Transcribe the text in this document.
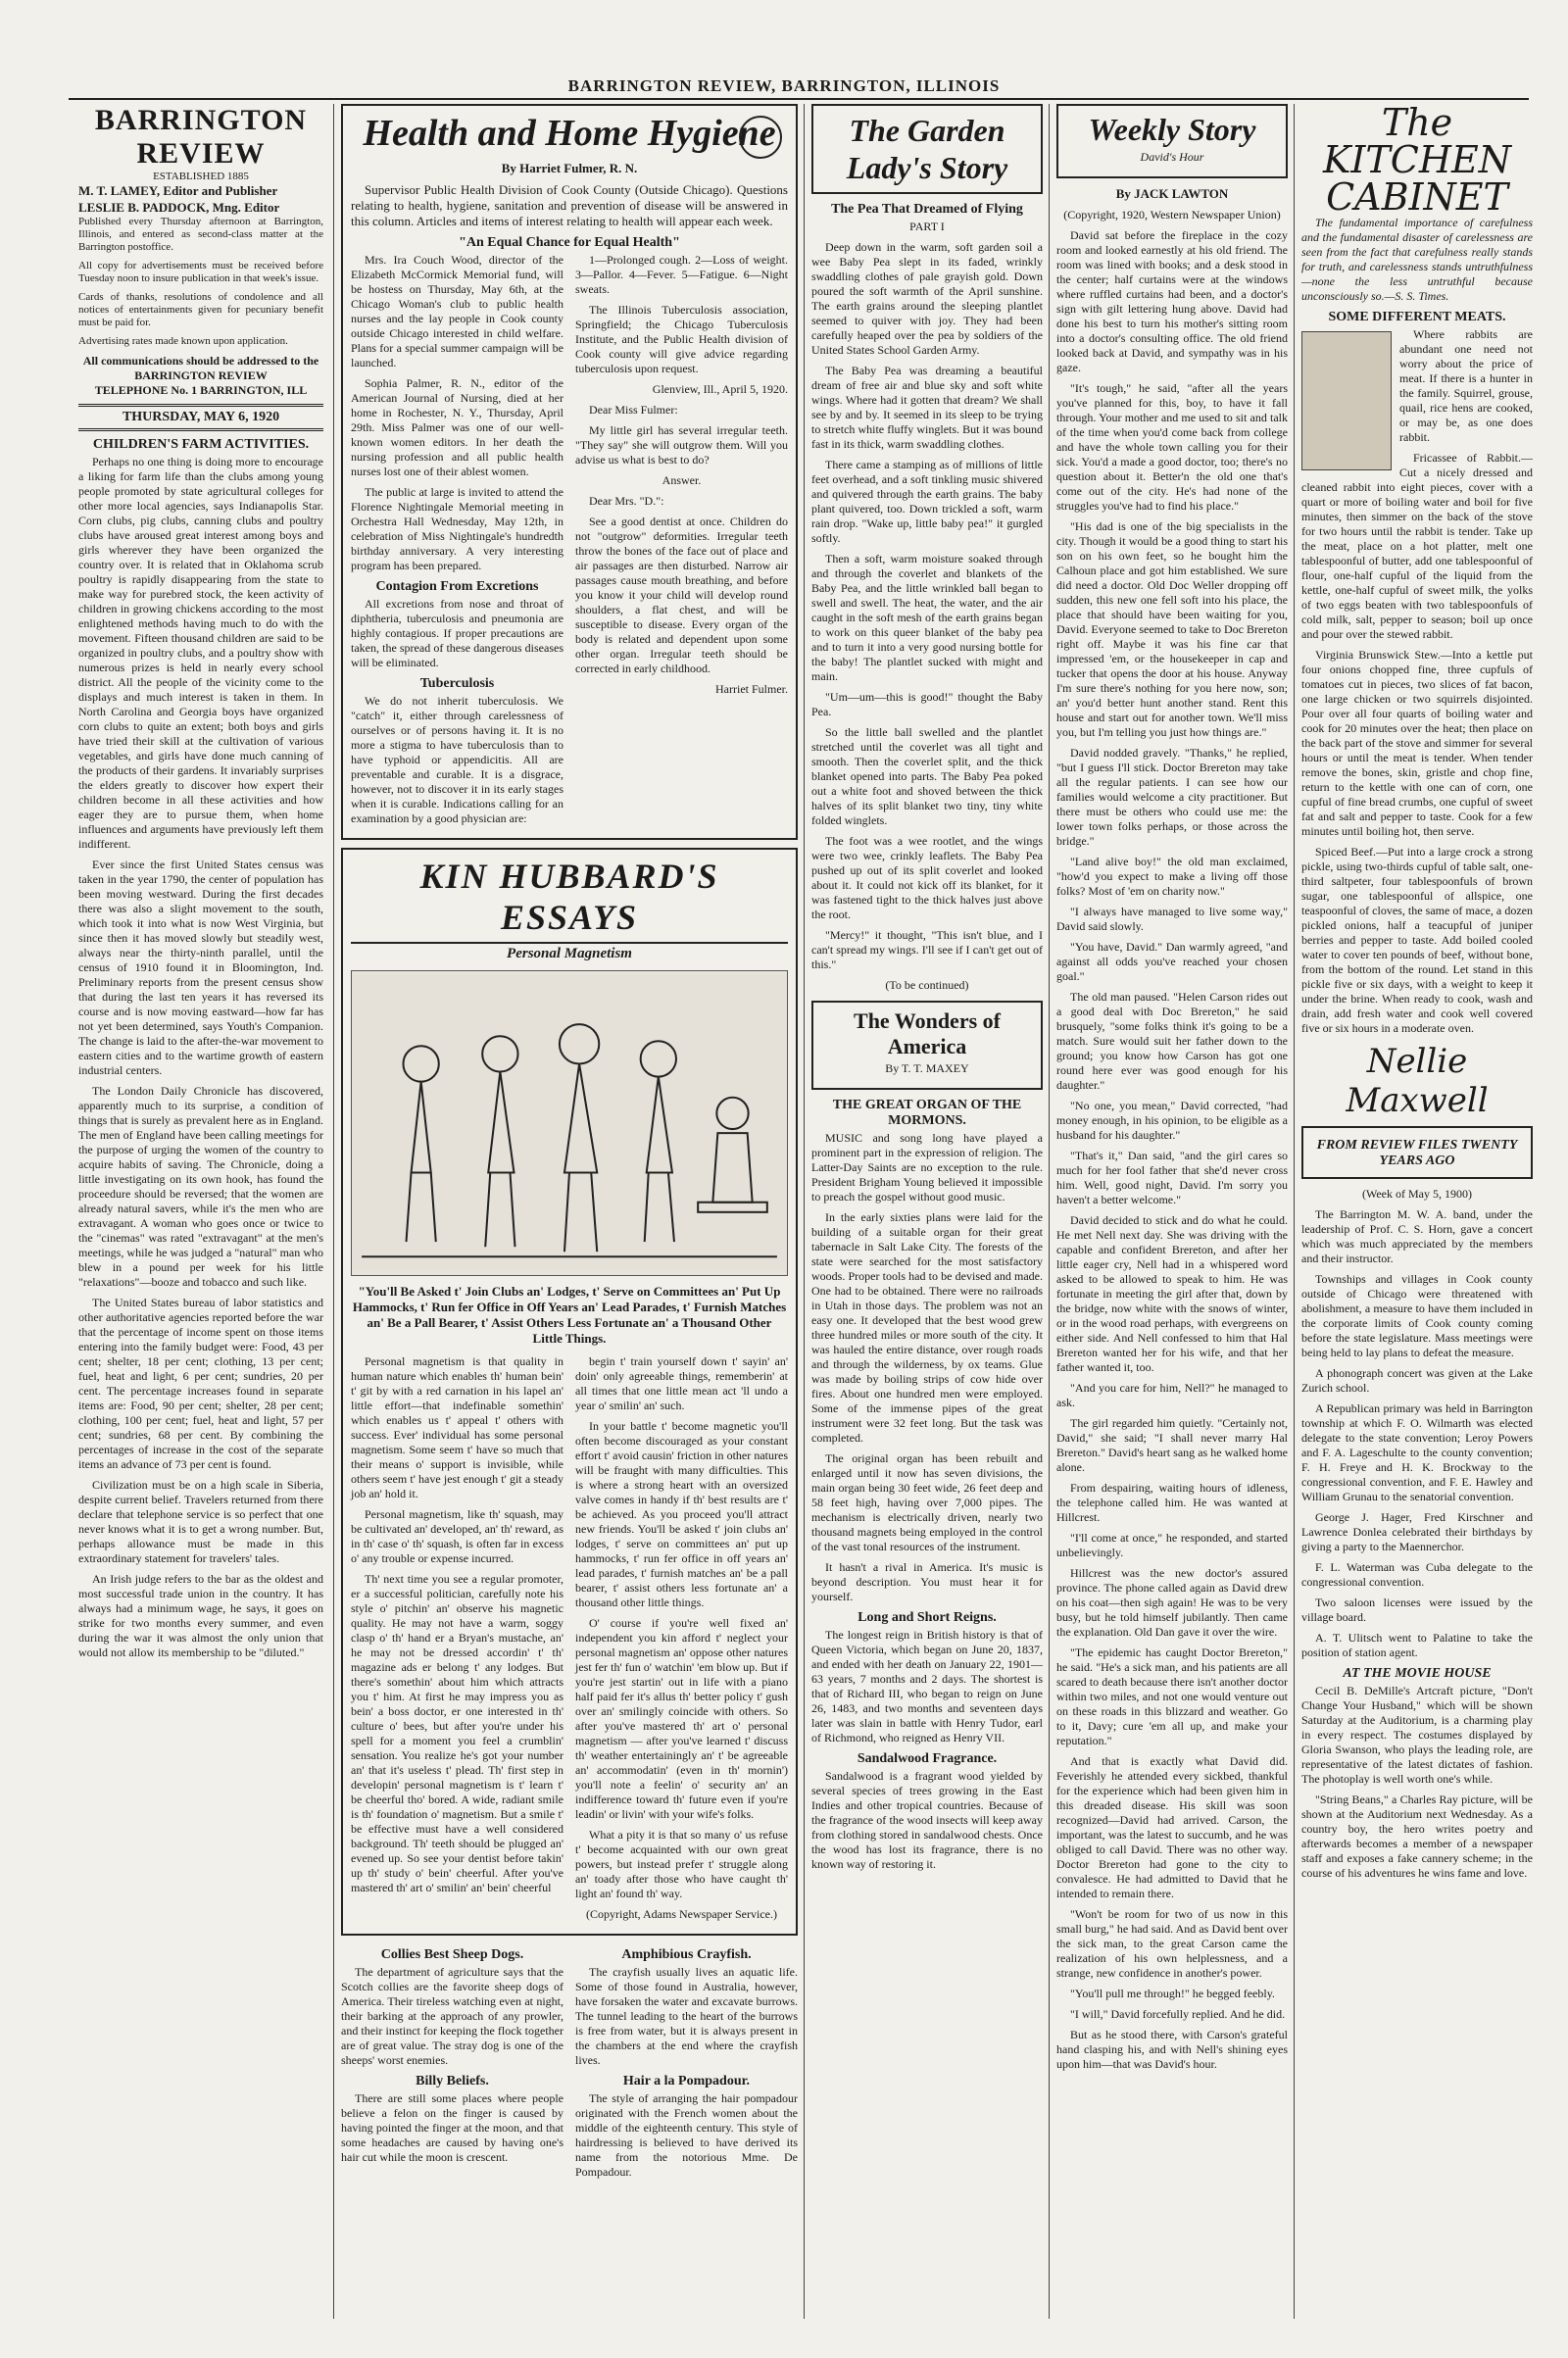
BARRINGTON REVIEW, BARRINGTON, ILLINOIS
BARRINGTON REVIEW
ESTABLISHED 1885
M. T. LAMEY, Editor and Publisher
LESLIE B. PADDOCK, Mng. Editor

Published every Thursday afternoon at Barrington, Illinois, and entered as second-class matter at the Barrington postoffice.

All copy for advertisements must be received before Tuesday noon to insure publication in that week's issue.

Cards of thanks, resolutions of condolence and all notices of entertainments given for pecuniary benefit must be paid for.

Advertising rates made known upon application.

All communications should be addressed to the BARRINGTON REVIEW
TELEPHONE No. 1 BARRINGTON, ILL
THURSDAY, MAY 6, 1920
CHILDREN'S FARM ACTIVITIES.

Perhaps no one thing is doing more to encourage a liking for farm life than the clubs among young people promoted by state agricultural colleges for other more local agencies, says Indianapolis Star. Corn clubs, pig clubs, canning clubs and poultry clubs have aroused great interest among boys and girls wherever they have been organized the country over. It is related that in Oklahoma scrub poultry is rapidly disappearing from the state to make way for purebred stock, the keen activity of children in growing chickens according to the most enlightened methods having much to do with the movement. Fifteen thousand children are said to be organized in poultry clubs, and a poultry show with numerous prizes is held in nearly every school district. All the people of the vicinity come to the displays and much interest is taken in them. In North Carolina and Georgia boys have organized corn clubs to quite an extent; both boys and girls have tried their skill at the cultivation of various vegetables, and girls have done much canning of the products of their gardens. It invariably surprises the elders greatly to discover how expert their children become in all these activities and how eager they are to pursue them, when home influences and arguments have previously left them indifferent.

Ever since the first United States census was taken in the year 1790, the center of population has been moving westward. During the first decades there was also a slight movement to the south, which took it into what is now West Virginia, but since then it has moved slowly but steadily west, always near the thirty-ninth parallel, until the census of 1910 found it in Bloomington, Ind. Preliminary reports from the present census show that during the last ten years it has reversed its course and is now moving eastward—how far has not yet been determined, says Youth's Companion. The change is laid to the after-the-war movement to eastern cities and to the wartime growth of eastern industrial centers.

The London Daily Chronicle has discovered, apparently much to its surprise, a condition of things that is surely as prevalent here as in England. The men of England have been calling meetings for the purpose of urging the women of the country to acquire habits of saving. The Chronicle, doing a little investigating on its own hook, has found the proceedure should be reversed; that the women are already natural savers, while it's the men who are extravagant. A woman who goes once or twice to the "cinemas" was rated "extravagant" at the men's meetings, while he was judged a "natural" man who blew in a pound per week for his little "relaxations"—booze and tobacco and such like.

The United States bureau of labor statistics and other authoritative agencies reported before the war that the percentage of income spent on those items entering into the family budget were: Food, 43 per cent; shelter, 18 per cent; clothing, 13 per cent; fuel, heat and light, 6 per cent; sundries, 20 per cent. The percentage increases found in separate items are: Food, 90 per cent; shelter, 28 per cent; clothing, 100 per cent; fuel, heat and light, 57 per cent; sundries, 68 per cent. By combining the percentages of increase in the cost of the separate items an advance of 73 per cent is found.

Civilization must be on a high scale in Siberia, despite current belief. Travelers returned from there declare that telephone service is so perfect that one never knows what it is to get a wrong number. But, perhaps allowance must be made in this extraordinary statement for travelers' tales.

An Irish judge refers to the bar as the oldest and most successful trade union in the country. It has always had a minimum wage, he says, it goes on strike for two months every summer, and even during the war it was almost the only union that would not allow its membership to be "diluted."

Health and Home Hygiene
By Harriet Fulmer, R. N.

Supervisor Public Health Division of Cook County (Outside Chicago). Questions relating to health, hygiene, sanitation and prevention of disease will be answered in this column. Articles and items of interest relating to health will appear each week.

"An Equal Chance for Equal Health"

Mrs. Ira Couch Wood, director of the Elizabeth McCormick Memorial fund, will be hostess on Thursday, May 6th, at the Chicago Woman's club to public health nurses and the lay people in Cook county outside Chicago interested in child welfare. Plans for a special summer campaign will be launched.

Sophia Palmer, R. N., editor of the American Journal of Nursing, died at her home in Rochester, N. Y., Thursday, April 29th. Miss Palmer was one of our well-known women editors. In her death the nursing profession and all public health nurses lost one of their ablest women.

The public at large is invited to attend the Florence Nightingale Memorial meeting in Orchestra Hall Wednesday, May 12th, in celebration of Miss Nightingale's hundredth birthday anniversary. A very interesting program has been prepared.

Contagion From Excretions

All excretions from nose and throat of diphtheria, tuberculosis and pneumonia are highly contagious. If proper precautions are taken, the spread of these dangerous diseases will be eliminated.

Tuberculosis

We do not inherit tuberculosis. We "catch" it, either through carelessness of ourselves or of persons having it. It is no more a stigma to have tuberculosis than to have typhoid or appendicitis. All are preventable and curable. It is a disgrace, however, not to discover it in its early stages when it is curable. Indications calling for an examination by a good physician are:

1—Prolonged cough. 2—Loss of weight. 3—Pallor. 4—Fever. 5—Fatigue. 6—Night sweats.

The Illinois Tuberculosis association, Springfield; the Chicago Tuberculosis Institute, and the Public Health division of Cook county will give advice regarding tuberculosis upon request.

Glenview, Ill., April 5, 1920.

Dear Miss Fulmer:

My little girl has several irregular teeth. "They say" she will outgrow them. Will you advise us what is best to do?

Answer.

Dear Mrs. "D.":

See a good dentist at once. Children do not "outgrow" deformities. Irregular teeth throw the bones of the face out of place and air passages are then disturbed. Narrow air passages cause mouth breathing, and before you know it your child will develop round shoulders, a flat chest, and will be susceptible to disease. Every organ of the body is related and dependent upon some other organ. Irregular teeth should be corrected in early childhood.

Harriet Fulmer.

KIN HUBBARD'S ESSAYS
Personal Magnetism
"You'll Be Asked t' Join Clubs an' Lodges, t' Serve on Committees an' Put Up Hammocks, t' Run fer Office in Off Years an' Lead Parades, t' Furnish Matches an' Be a Pall Bearer, t' Assist Others Less Fortunate an' a Thousand Other Little Things.

Personal magnetism is that quality in human nature which enables th' human bein' t' git by with a red carnation in his lapel an' little effort—that indefinable somethin' which enables us t' appeal t' others with success. Ever' individual has some personal magnetism. Some seem t' have so much that their means o' support is invisible, while others seem t' have jest enough t' git a steady job an' hold it.

Personal magnetism, like th' squash, may be cultivated an' developed, an' th' reward, as in th' case o' th' squash, is often far in excess o' any trouble or expense incurred.

Th' next time you see a regular promoter, er a successful politician, carefully note his style o' pitchin' an' observe his magnetic quality. He may not have a warm, soggy clasp o' th' hand er a Bryan's mustache, an' he may not be dressed accordin' t' th' magazine ads er belong t' any lodges. But there's somethin' about him which attracts you t' him. At first he may impress you as bein' a boss doctor, er one interested in th' culture o' bees, but after you're under his spell for a moment you feel a crumblin' sensation. You realize he's got your number an' that it's useless t' plead. Th' first step in developin' personal magnetism is t' learn t' be cheerful tho' bored. A wide, radiant smile is th' foundation o' magnetism. But a smile t' be effective must have a well considered background. Th' teeth should be plugged an' evened up. So see your dentist before takin' up th' study o' bein' cheerful. After you've mastered th' art o' smilin' an' bein' cheerful

begin t' train yourself down t' sayin' an' doin' only agreeable things, rememberin' at all times that one little mean act 'll undo a year o' smilin' an' such.

In your battle t' become magnetic you'll often become discouraged as your constant effort t' avoid causin' friction in other natures will be fraught with many difficulties. This is where a strong heart with an oversized valve comes in handy if th' best results are t' be achieved. As you proceed you'll attract new friends. You'll be asked t' join clubs an' lodges, t' serve on committees an' put up hammocks, t' run fer office in off years an' lead parades, t' furnish matches an' be a pall bearer, t' assist others less fortunate an' a thousand other little things.

O' course if you're well fixed an' independent you kin afford t' neglect your personal magnetism an' oppose other natures jest fer th' fun o' watchin' 'em blow up. But if you're jest startin' out in life with a piano half paid fer it's allus th' better policy t' gush over an' smilingly coincide with others. So after you've mastered th' art o' personal magnetism — after you've learned t' discuss th' weather entertainingly an' t' be agreeable an' accommodatin' (even in th' mornin') you'll note a feelin' o' security an' an indifference toward th' future even if you're leadin' or livin' with your wife's folks.

What a pity it is that so many o' us refuse t' become acquainted with our own great powers, but instead prefer t' struggle along an' toady after those who have caught th' light an' found th' way.

(Copyright, Adams Newspaper Service.)

Collies Best Sheep Dogs.

The department of agriculture says that the Scotch collies are the favorite sheep dogs of America. Their tireless watching even at night, their barking at the approach of any prowler, and their instinct for keeping the flock together are of great value. The stray dog is one of the sheeps' worst enemies.

Billy Beliefs.

There are still some places where people believe a felon on the finger is caused by having pointed the finger at the moon, and that some headaches are caused by having one's hair cut while the moon is crescent.

Amphibious Crayfish.

The crayfish usually lives an aquatic life. Some of those found in Australia, however, have forsaken the water and excavate burrows. The tunnel leading to the heart of the burrows is free from water, but it is always present in the chambers at the end where the crayfish lives.

Hair a la Pompadour.

The style of arranging the hair pompadour originated with the French women about the middle of the eighteenth century. This style of hairdressing is believed to have derived its name from the notorious Mme. De Pompadour.

The Garden Lady's Story
The Pea That Dreamed of Flying
PART I

Deep down in the warm, soft garden soil a wee Baby Pea slept in its faded, wrinkly swaddling clothes of pale grayish gold. Down poured the soft warmth of the April sunshine. The earth grains around the sleeping plantlet seemed to quiver with joy. They had been carefully heaped over the pea by soldiers of the United States School Garden Army.

The Baby Pea was dreaming a beautiful dream of free air and blue sky and soft white wings. Where had it gotten that dream? We shall see by and by. It seemed in its sleep to be trying to stretch white fluffy winglets. But it was bound fast in its thick, warm swaddling clothes.

There came a stamping as of millions of little feet overhead, and a soft tinkling music shivered and quivered through the earth grains. The baby plant quivered, too. Down trickled a soft, warm rain drop. "Wake up, little baby pea!" it gurgled softly.

Then a soft, warm moisture soaked through and through the coverlet and blankets of the Baby Pea, and the little wrinkled ball began to swell and swell. The heat, the water, and the air caught in the soft mesh of the earth grains began to work on this queer blanket of the baby pea and to turn it into a very good nursing bottle for the baby! The plantlet sucked with might and main.

"Um—um—this is good!" thought the Baby Pea.

So the little ball swelled and the plantlet stretched until the coverlet was all tight and smooth. Then the coverlet split, and the thick blanket opened into parts. The Baby Pea poked out a white foot and shoved between the thick halves of its split blanket two tiny, tiny white folded winglets.

The foot was a wee rootlet, and the wings were two wee, crinkly leaflets. The Baby Pea pushed up out of its split coverlet and looked about it. It could not kick off its blanket, for it was fastened tight to the thick halves just above the root.

"Mercy!" it thought, "This isn't blue, and I can't spread my wings. I'll see if I can't get out of this."

(To be continued)

The Wonders of America
By T. T. MAXEY
THE GREAT ORGAN OF THE MORMONS.

MUSIC and song long have played a prominent part in the expression of religion. The Latter-Day Saints are no exception to the rule. President Brigham Young believed it impossible to preach the gospel without good music.

In the early sixties plans were laid for the building of a suitable organ for their great tabernacle in Salt Lake City. The forests of the state were searched for the most satisfactory woods. Proper tools had to be devised and made. One had to be obtained. There were no railroads in Utah in those days. The problem was not an easy one. It developed that the best wood grew three hundred miles or more south of the city. It was hauled the entire distance, over rough roads and through the wilderness, by ox teams. Glue was made by boiling strips of cow hide over fires. About one hundred men were employed. Some of the immense pipes of the great instrument were 32 feet long. But the task was completed.

The original organ has been rebuilt and enlarged until it now has seven divisions, the main organ being 30 feet wide, 26 feet deep and 58 feet high, having over 7,000 pipes. The mechanism is electrically driven, nearly two thousand magnets being employed in the control of the vast tonal resources of the instrument.

It hasn't a rival in America. It's music is beyond description. You must hear it for yourself.

Long and Short Reigns.

The longest reign in British history is that of Queen Victoria, which began on June 20, 1837, and ended with her death on January 22, 1901—63 years, 7 months and 2 days. The shortest is that of Richard III, who began to reign on June 26, 1483, and two months and seventeen days later was slain in battle with Henry Tudor, earl of Richmond, who reigned as Henry VII.

Sandalwood Fragrance.

Sandalwood is a fragrant wood yielded by several species of trees growing in the East Indies and other tropical countries. Because of the fragrance of the wood insects will keep away from clothing stored in sandalwood chests. Once the wood has lost its fragrance, there is no known way of restoring it.

Weekly Story
David's Hour
By JACK LAWTON

(Copyright, 1920, Western Newspaper Union)

David sat before the fireplace in the cozy room and looked earnestly at his old friend. The room was lined with books; and a desk stood in the center; half curtains were at the windows where ruffled curtains had been, and a doctor's sign with gilt lettering hung above. David had done his best to turn his mother's sitting room into a doctor's consulting office. The old friend looked back at David, and sympathy was in his gaze.

"It's tough," he said, "after all the years you've planned for this, boy, to have it fall through. Your mother and me used to sit and talk of the time when you'd come back from college and have the whole town calling you for their sick. You'd a made a good doctor, too; there's no question about it. Better'n the old one that's come out of the city. He's had none of the struggles you've had to find his place."

"His dad is one of the big specialists in the city. Though it would be a good thing to start his son on his own feet, so he bought him the Calhoun place and got him established. We sure did need a doctor. Old Doc Weller dropping off sudden, this new one fell soft into his place, the place that should have been waiting for you, David. Everyone seemed to take to Doc Brereton right off. Maybe it was his fine car that impressed 'em, or the housekeeper in cap and tucker that opens the door at his house. Anyway I'm sure there's nothing for you here now, son; an' you'd better hunt another stand. Rent this house and start out for another town. We'll miss you, but I'm telling you just how things are."

David nodded gravely. "Thanks," he replied, "but I guess I'll stick. Doctor Brereton may take all the regular patients. I can see how our families would welcome a city practitioner. But there must be others who could use me: the lower town folks perhaps, or those across the bridge."

"Land alive boy!" the old man exclaimed, "how'd you expect to make a living off those folks? Most of 'em on charity now."

"I always have managed to live some way," David said slowly.

"You have, David." Dan warmly agreed, "and against all odds you've reached your chosen goal."

The old man paused. "Helen Carson rides out a good deal with Doc Brereton," he said brusquely, "some folks think it's going to be a match. Sure would suit her father down to the ground; you know how Carson has got one round here ever was good enough for his daughter."

"No one, you mean," David corrected, "had money enough, in his opinion, to be eligible as a husband for his daughter."

"That's it," Dan said, "and the girl cares so much for her fool father that she'd never cross him. Well, good night, David. I'm sorry you haven't a better welcome."

David decided to stick and do what he could. He met Nell next day. She was driving with the capable and confident Brereton, and after her little eager cry, Nell had in a whispered word asked to be allowed to speak to him. He was fortunate in meeting the girl after that, down by the bridge, now white with the snows of winter, or in the wood road perhaps, with evergreens on either side. And Nell confessed to him that Hal Brereton wanted her for his wife, and that her father wanted it, too.

"And you care for him, Nell?" he managed to ask.

The girl regarded him quietly. "Certainly not, David," she said; "I shall never marry Hal Brereton." David's heart sang as he walked home alone.

From despairing, waiting hours of idleness, the telephone called him. He was wanted at Hillcrest.

"I'll come at once," he responded, and started unbelievingly.

Hillcrest was the new doctor's assured province. The phone called again as David drew on his coat—then sigh again! He was to be very busy, but he told himself jubilantly. Then came the explanation. Old Dan gave it over the wire.

"The epidemic has caught Doctor Brereton," he said. "He's a sick man, and his patients are all scared to death because there isn't another doctor within two miles, and not one would venture out on these roads in this blizzard and weather. Go to it, Davy; cure 'em all up, and make your reputation."

And that is exactly what David did. Feverishly he attended every sickbed, thankful for the experience which had been given him in this dreaded disease. His skill was soon recognized—David had arrived. Carson, the important, was the latest to succumb, and he was obliged to call David. There was no other way. Doctor Brereton had gone to the city to convalesce. He had admitted to David that he intended to remain there.

"Won't be room for two of us now in this small burg," he had said. And as David bent over the sick man, to the great Carson came the realization of his own helplessness, and a strange, new confidence in another's power.

"You'll pull me through!" he begged feebly.

"I will," David forcefully replied. And he did.

But as he stood there, with Carson's grateful hand clasping his, and with Nell's shining eyes upon him—that was David's hour.

The KITCHEN CABINET

The fundamental importance of carefulness and the fundamental disaster of carelessness are seen from the fact that carefulness really stands for truth, and carelessness stands untruthfulness—none the less untruthful because unconsciously so.—S. S. Times.

SOME DIFFERENT MEATS.

Where rabbits are abundant one need not worry about the price of meat. If there is a hunter in the family. Squirrel, grouse, quail, rice hens are cooked, or may be, as one does rabbit.

Fricassee of Rabbit.—Cut a nicely dressed and cleaned rabbit into eight pieces, cover with a quart or more of boiling water and boil for five minutes, then simmer on the back of the stove for two hours until the rabbit is tender. Take up the meat, place on a hot platter, melt one tablespoonful of butter, add one tablespoonful of flour, one-half cupful of the liquid from the kettle, one-half cupful of sweet milk, the yolks of two eggs beaten with two tablespoonfuls of cold milk, salt, pepper to season; boil up once and pour over the stewed rabbit.

Virginia Brunswick Stew.—Into a kettle put four onions chopped fine, three cupfuls of tomatoes cut in pieces, two slices of fat bacon, one large chicken or two squirrels disjointed. Pour over all four quarts of boiling water and cook for 20 minutes over the heat; then place on the back part of the stove and simmer for several hours or until the meat is tender. When tender remove the bones, skin, gristle and chop fine, return to the kettle with one can of corn, one cupful of fine bread crumbs, one cupful of sweet fat and salt and pepper to taste. Cook for a few minutes until boiling hot, then serve.

Spiced Beef.—Put into a large crock a strong pickle, using two-thirds cupful of table salt, one-third saltpeter, four tablespoonfuls of brown sugar, one tablespoonful of allspice, one teaspoonful of cloves, the same of mace, a dozen pickled onions, half a teacupful of juniper berries and pepper to taste. Add boiled cooled water to cover ten pounds of beef, without bone, from the bottom of the round. Let stand in this pickle five or six days, with a weight to keep it under the brine. When ready to cook, wash and drain, add fresh water and cook well covered five or six hours in a moderate oven.

Nellie Maxwell
FROM REVIEW FILES TWENTY YEARS AGO

(Week of May 5, 1900)

The Barrington M. W. A. band, under the leadership of Prof. C. S. Horn, gave a concert which was much appreciated by the members and their instructor.

Townships and villages in Cook county outside of Chicago were threatened with abolishment, a measure to have them included in the corporate limits of Cook county coming before the state legislature. Mass meetings were being held to lay plans to defeat the measure.

A phonograph concert was given at the Lake Zurich school.

A Republican primary was held in Barrington township at which F. O. Wilmarth was elected delegate to the state convention; Leroy Powers and F. A. Lageschulte to the county convention; F. H. Freye and H. K. Brockway to the congressional convention, and F. E. Hawley and William Grunau to the senatorial convention.

George J. Hager, Fred Kirschner and Lawrence Donlea celebrated their birthdays by giving a party to the Maennerchor.

F. L. Waterman was Cuba delegate to the congressional convention.

Two saloon licenses were issued by the village board.

A. T. Ulitsch went to Palatine to take the position of station agent.

AT THE MOVIE HOUSE

Cecil B. DeMille's Artcraft picture, "Don't Change Your Husband," which will be shown Saturday at the Auditorium, is a charming play in every respect. The costumes displayed by Gloria Swanson, who plays the leading role, are representative of the latest dictates of fashion. The photoplay is well worth one's while.

"String Beans," a Charles Ray picture, will be shown at the Auditorium next Wednesday. As a country boy, the hero writes poetry and afterwards becomes a member of a newspaper staff and exposes a fake cannery scheme; in the course of his adventures he wins fame and love.
